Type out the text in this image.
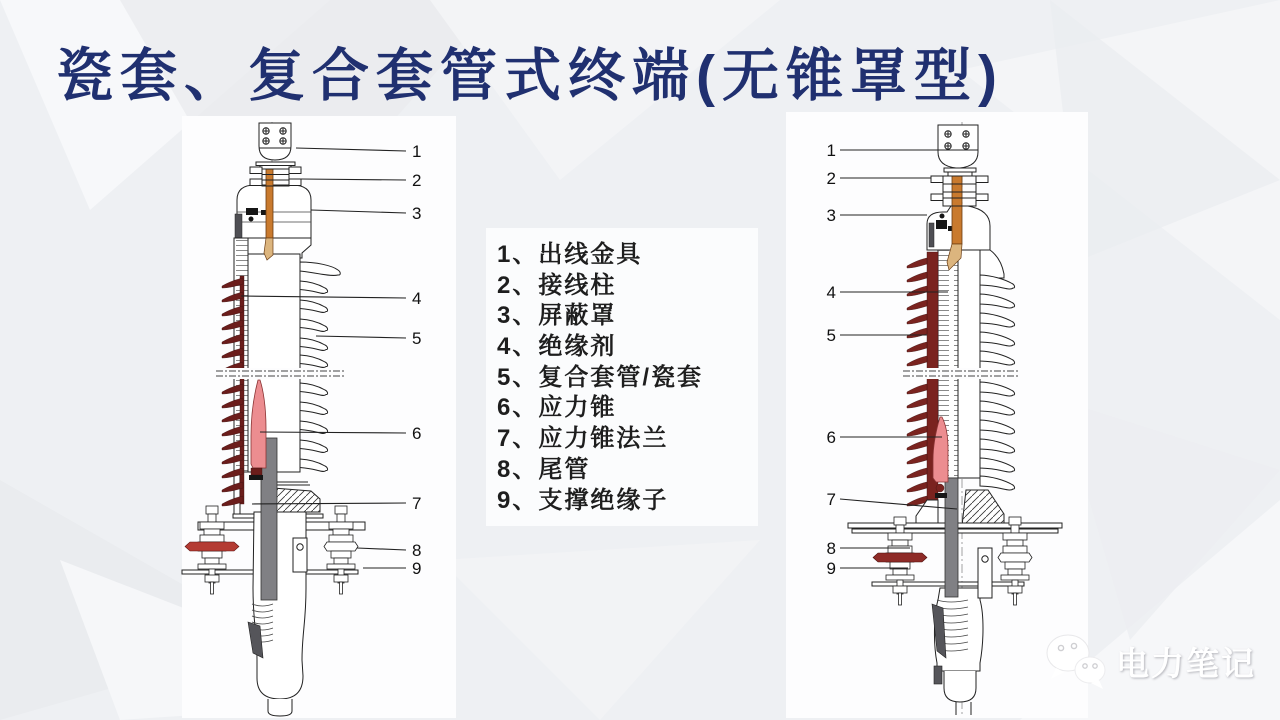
瓷套、复合套管式终端(无锥罩型)
1
2
3
4
5
6
7
8
9
1、出线金具
2、接线柱
3、屏蔽罩
4、绝缘剂
5、复合套管/瓷套
6、应力锥
7、应力锥法兰
8、尾管
9、支撑绝缘子
1
2
3
4
5
6
7
8
9
电力笔记
